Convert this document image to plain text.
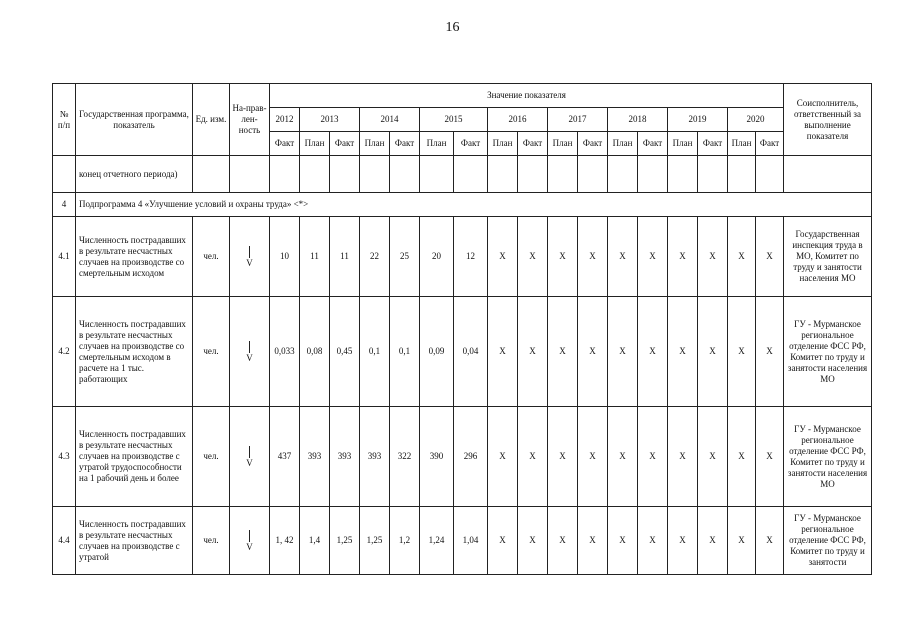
16
№ п/п	Государственная программа, показатель	Ед. изм.	На-прав-лен-ность	Значение показателя																	Соисполнитель, ответственный за выполнение показателя
				2012	2013		2014		2015		2016		2017		2018		2019		2020		
				Факт	План	Факт	План	Факт	План	Факт	План	Факт	План	Факт	План	Факт	План	Факт	План	Факт	
	конец отчетного периода)																				
4	Подпрограмма 4 «Улучшение условий и охраны труда» <*>																				
4.1	Численность пострадавших в результате несчастных случаев на производстве со смертельным исходом	чел.	V	10	11	11	22	25	20	12	X	X	X	X	X	X	X	X	X	X	Государственная инспекция труда в МО, Комитет по труду и занятости населения МО
4.2	Численность пострадавших в результате несчастных случаев на производстве со смертельным исходом в расчете на 1 тыс. работающих	чел.	V	0,033	0,08	0,45	0,1	0,1	0,09	0,04	X	X	X	X	X	X	X	X	X	X	ГУ - Мурманское региональное отделение ФСС РФ, Комитет по труду и занятости населения МО
4.3	Численность пострадавших в результате несчастных случаев на производстве с утратой трудоспособности на 1 рабочий день и более	чел.	V	437	393	393	393	322	390	296	X	X	X	X	X	X	X	X	X	X	ГУ - Мурманское региональное отделение ФСС РФ, Комитет по труду и занятости населения МО
4.4	Численность пострадавших в результате несчастных случаев на производстве с утратой	чел.	V	1, 42	1,4	1,25	1,25	1,2	1,24	1,04	X	X	X	X	X	X	X	X	X	X	ГУ - Мурманское региональное отделение ФСС РФ, Комитет по труду и занятости
